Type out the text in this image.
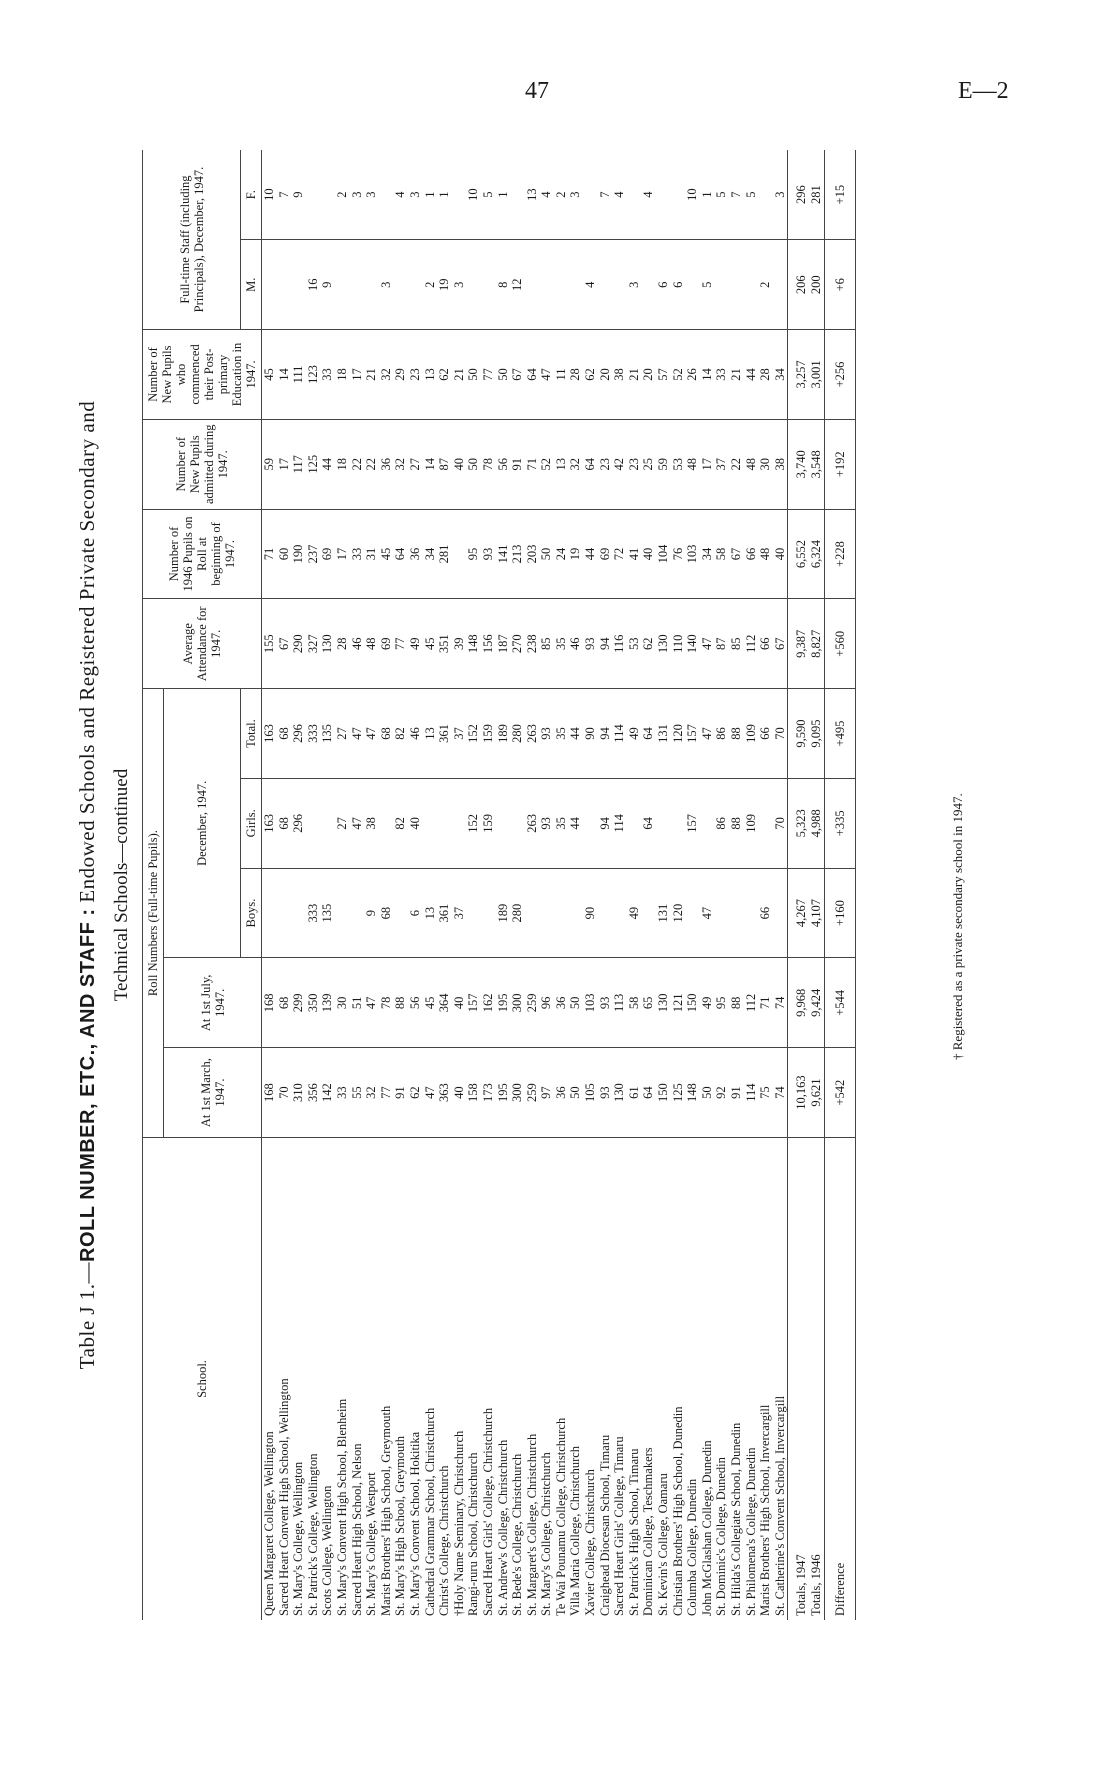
47	E—2
Table J 1.—ROLL NUMBER, ETC., AND STAFF : Endowed Schools and Registered Private Secondary and Technical Schools—continued
School.	Roll Numbers (Full-time Pupils).					Average Attendance for 1947.	Number of 1946 Pupils on Roll at beginning of 1947.	Number of New Pupils admitted during 1947.	Number of New Pupils who commenced their Post-primary Education in 1947.	Full-time Staff (including Principals), December, 1947.	
	At 1st March, 1947.	At 1st July, 1947.	December, 1947.								
			Boys.	Girls.	Total.					M.	F.
Queen Margaret College, Wellington	168	168		163	163	155	71	59	45		10
Sacred Heart Convent High School, Wellington	70	68		68	68	67	60	17	14		7
St. Mary's College, Wellington	310	299		296	296	290	190	117	111		9
St. Patrick's College, Wellington	356	350	333		333	327	237	125	123	16	
Scots College, Wellington	142	139	135		135	130	69	44	33	9	
St. Mary's Convent High School, Blenheim	33	30		27	27	28	17	18	18		2
Sacred Heart High School, Nelson	55	51		47	47	46	33	22	17		3
St. Mary's College, Westport	32	47	9	38	47	48	31	22	21		3
Marist Brothers' High School, Greymouth	77	78	68		68	69	45	36	32	3	
St. Mary's High School, Greymouth	91	88		82	82	77	64	32	29		4
St. Mary's Convent School, Hokitika	62	56	6	40	46	49	36	27	23		3
Cathedral Grammar School, Christchurch	47	45	13		13	45	34	14	13	2	1
Christ's College, Christchurch	363	364	361		361	351	281	87	62	19	1
†Holy Name Seminary, Christchurch	40	40	37		37	39		40	21	3	
Rangi-ruru School, Christchurch	158	157		152	152	148	95	50	50		10
Sacred Heart Girls' College, Christchurch	173	162		159	159	156	93	78	77		5
St. Andrew's College, Christchurch	195	195	189		189	187	141	56	50	8	1
St. Bede's College, Christchurch	300	300	280		280	270	213	91	67	12	
St. Margaret's College, Christchurch	259	259		263	263	238	203	71	64		13
St. Mary's College, Christchurch	97	96		93	93	85	50	52	47		4
Te Wai Pounamu College, Christchurch	36	36		35	35	35	24	13	11		2
Villa Maria College, Christchurch	50	50		44	44	46	19	32	28		3
Xavier College, Christchurch	105	103	90		90	93	44	64	62	4	
Craighead Diocesan School, Timaru	93	93		94	94	94	69	23	20		7
Sacred Heart Girls' College, Timaru	130	113		114	114	116	72	42	38		4
St. Patrick's High School, Timaru	61	58	49		49	53	41	23	21	3	
Dominican College, Teschmakers	64	65		64	64	62	40	25	20		4
St. Kevin's College, Oamaru	150	130	131		131	130	104	59	57	6	
Christian Brothers' High School, Dunedin	125	121	120		120	110	76	53	52	6	
Columba College, Dunedin	148	150		157	157	140	103	48	26		10
John McGlashan College, Dunedin	50	49	47		47	47	34	17	14	5	1
St. Dominic's College, Dunedin	92	95		86	86	87	58	37	33		5
St. Hilda's Collegiate School, Dunedin	91	88		88	88	85	67	22	21		7
St. Philomena's College, Dunedin	114	112		109	109	112	66	48	44		5
Marist Brothers' High School, Invercargill	75	71	66		66	66	48	30	28	2	
St. Catherine's Convent School, Invercargill	74	74		70	70	67	40	38	34		3
Totals, 1947	10,163	9,968	4,267	5,323	9,590	9,387	6,552	3,740	3,257	206	296
Totals, 1946	9,621	9,424	4,107	4,988	9,095	8,827	6,324	3,548	3,001	200	281
Difference	+542	+544	+160	+335	+495	+560	+228	+192	+256	+6	+15
† Registered as a private secondary school in 1947.
